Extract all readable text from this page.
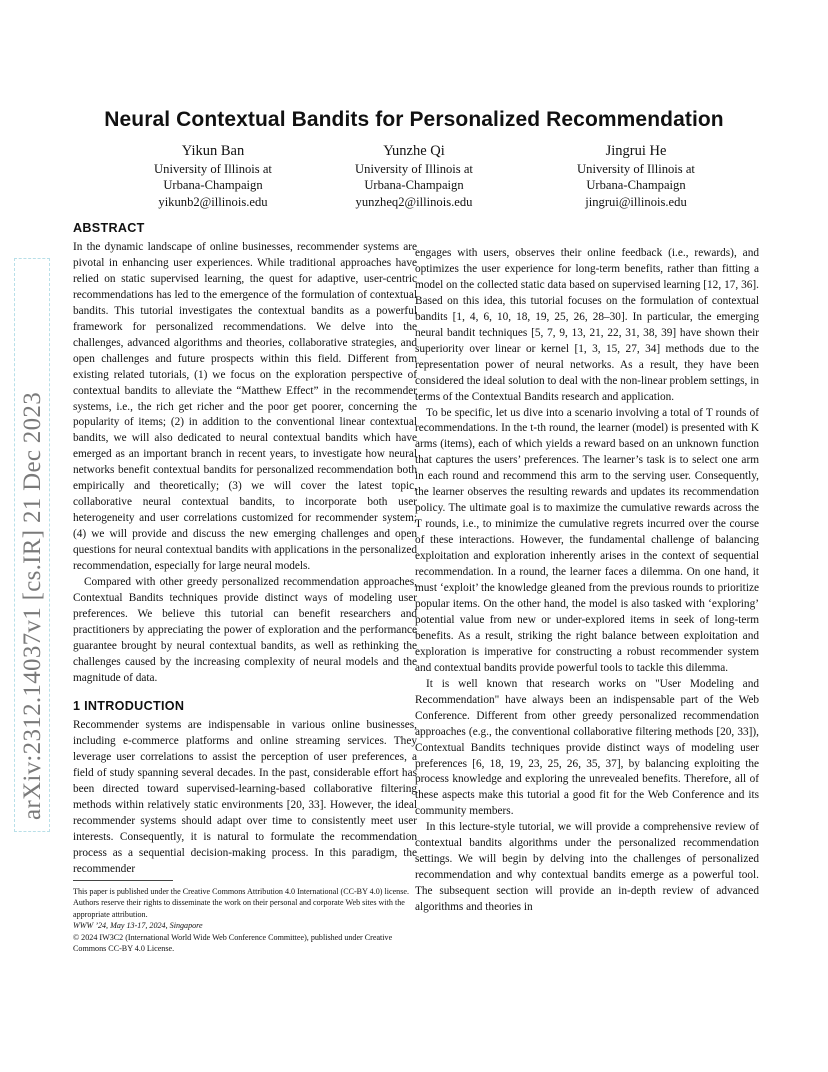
arXiv:2312.14037v1 [cs.IR] 21 Dec 2023
Neural Contextual Bandits for Personalized Recommendation
Yikun Ban
University of Illinois at
Urbana-Champaign
yikunb2@illinois.edu
Yunzhe Qi
University of Illinois at
Urbana-Champaign
yunzheq2@illinois.edu
Jingrui He
University of Illinois at
Urbana-Champaign
jingrui@illinois.edu
ABSTRACT

In the dynamic landscape of online businesses, recommender systems are pivotal in enhancing user experiences. While traditional approaches have relied on static supervised learning, the quest for adaptive, user-centric recommendations has led to the emergence of the formulation of contextual bandits. This tutorial investigates the contextual bandits as a powerful framework for personalized recommendations. We delve into the challenges, advanced algorithms and theories, collaborative strategies, and open challenges and future prospects within this field. Different from existing related tutorials, (1) we focus on the exploration perspective of contextual bandits to alleviate the “Matthew Effect” in the recommender systems, i.e., the rich get richer and the poor get poorer, concerning the popularity of items; (2) in addition to the conventional linear contextual bandits, we will also dedicated to neural contextual bandits which have emerged as an important branch in recent years, to investigate how neural networks benefit contextual bandits for personalized recommendation both empirically and theoretically; (3) we will cover the latest topic, collaborative neural contextual bandits, to incorporate both user heterogeneity and user correlations customized for recommender system; (4) we will provide and discuss the new emerging challenges and open questions for neural contextual bandits with applications in the personalized recommendation, especially for large neural models.

Compared with other greedy personalized recommendation approaches, Contextual Bandits techniques provide distinct ways of modeling user preferences. We believe this tutorial can benefit researchers and practitioners by appreciating the power of exploration and the performance guarantee brought by neural contextual bandits, as well as rethinking the challenges caused by the increasing complexity of neural models and the magnitude of data.

1 INTRODUCTION

Recommender systems are indispensable in various online businesses, including e-commerce platforms and online streaming services. They leverage user correlations to assist the perception of user preferences, a field of study spanning several decades. In the past, considerable effort has been directed toward supervised-learning-based collaborative filtering methods within relatively static environments [20, 33]. However, the ideal recommender systems should adapt over time to consistently meet user interests. Consequently, it is natural to formulate the recommendation process as a sequential decision-making process. In this paradigm, the recommender

engages with users, observes their online feedback (i.e., rewards), and optimizes the user experience for long-term benefits, rather than fitting a model on the collected static data based on supervised learning [12, 17, 36]. Based on this idea, this tutorial focuses on the formulation of contextual bandits [1, 4, 6, 10, 18, 19, 25, 26, 28–30]. In particular, the emerging neural bandit techniques [5, 7, 9, 13, 21, 22, 31, 38, 39] have shown their superiority over linear or kernel [1, 3, 15, 27, 34] methods due to the representation power of neural networks. As a result, they have been considered the ideal solution to deal with the non-linear problem settings, in terms of the Contextual Bandits research and application.

To be specific, let us dive into a scenario involving a total of T rounds of recommendations. In the t-th round, the learner (model) is presented with K arms (items), each of which yields a reward based on an unknown function that captures the users’ preferences. The learner’s task is to select one arm in each round and recommend this arm to the serving user. Consequently, the learner observes the resulting rewards and updates its recommendation policy. The ultimate goal is to maximize the cumulative rewards across the T rounds, i.e., to minimize the cumulative regrets incurred over the course of these interactions. However, the fundamental challenge of balancing exploitation and exploration inherently arises in the context of sequential recommendation. In a round, the learner faces a dilemma. On one hand, it must ‘exploit’ the knowledge gleaned from the previous rounds to prioritize popular items. On the other hand, the model is also tasked with ‘exploring’ potential value from new or under-explored items in seek of long-term benefits. As a result, striking the right balance between exploitation and exploration is imperative for constructing a robust recommender system and contextual bandits provide powerful tools to tackle this dilemma.

It is well known that research works on "User Modeling and Recommendation" have always been an indispensable part of the Web Conference. Different from other greedy personalized recommendation approaches (e.g., the conventional collaborative filtering methods [20, 33]), Contextual Bandits techniques provide distinct ways of modeling user preferences [6, 18, 19, 23, 25, 26, 35, 37], by balancing exploiting the process knowledge and exploring the unrevealed benefits. Therefore, all of these aspects make this tutorial a good fit for the Web Conference and its community members.

In this lecture-style tutorial, we will provide a comprehensive review of contextual bandits algorithms under the personalized recommendation settings. We will begin by delving into the challenges of personalized recommendation and why contextual bandits emerge as a powerful tool. The subsequent section will provide an in-depth review of advanced algorithms and theories in

This paper is published under the Creative Commons Attribution 4.0 International (CC-BY 4.0) license. Authors reserve their rights to disseminate the work on their personal and corporate Web sites with the appropriate attribution.

WWW ’24, May 13-17, 2024, Singapore

© 2024 IW3C2 (International World Wide Web Conference Committee), published under Creative Commons CC-BY 4.0 License.
